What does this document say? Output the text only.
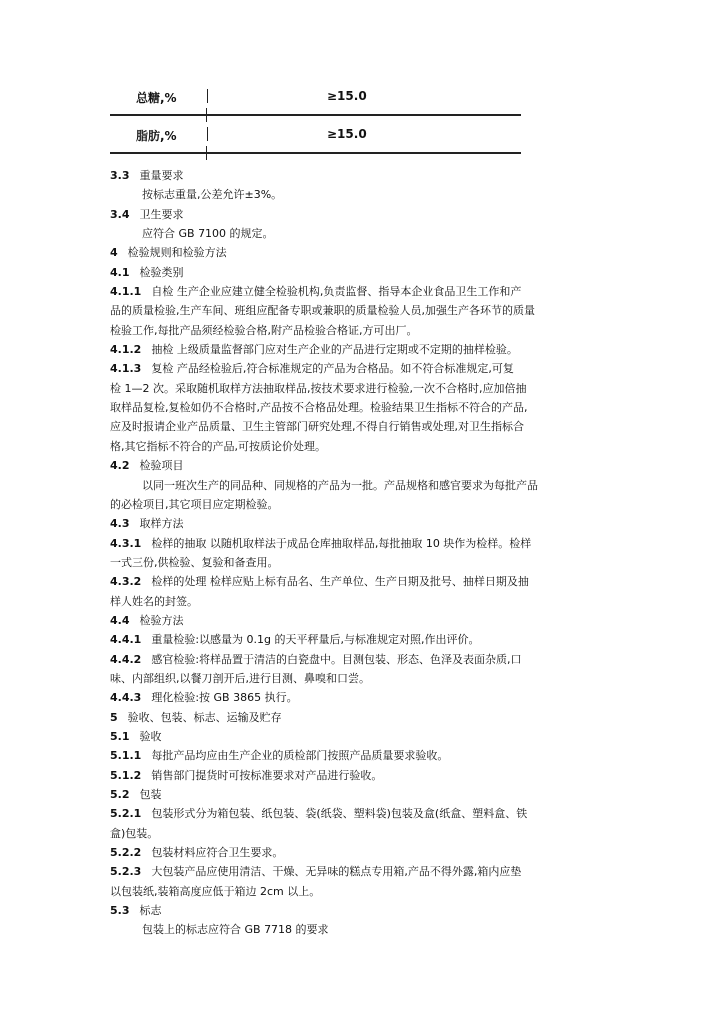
总糖,%	≥15.0
脂肪,%	≥15.0
3.3 重量要求
按标志重量,公差允许±3%。
3.4 卫生要求
应符合 GB 7100 的规定。
4 检验规则和检验方法
4.1 检验类别
4.1.1 自检 生产企业应建立健全检验机构,负责监督、指导本企业食品卫生工作和产
品的质量检验,生产车间、班组应配备专职或兼职的质量检验人员,加强生产各环节的质量
检验工作,每批产品须经检验合格,附产品检验合格证,方可出厂。
4.1.2 抽检 上级质量监督部门应对生产企业的产品进行定期或不定期的抽样检验。
4.1.3 复检 产品经检验后,符合标准规定的产品为合格品。如不符合标准规定,可复
检 1—2 次。采取随机取样方法抽取样品,按技术要求进行检验,一次不合格时,应加倍抽
取样品复检,复检如仍不合格时,产品按不合格品处理。检验结果卫生指标不符合的产品,
应及时报请企业产品质量、卫生主管部门研究处理,不得自行销售或处理,对卫生指标合
格,其它指标不符合的产品,可按质论价处理。
4.2 检验项目
以同一班次生产的同品种、同规格的产品为一批。产品规格和感官要求为每批产品
的必检项目,其它项目应定期检验。
4.3 取样方法
4.3.1 检样的抽取 以随机取样法于成品仓库抽取样品,每批抽取 10 块作为检样。检样
一式三份,供检验、复验和备查用。
4.3.2 检样的处理 检样应贴上标有品名、生产单位、生产日期及批号、抽样日期及抽
样人姓名的封签。
4.4 检验方法
4.4.1 重量检验:以感量为 0.1g 的天平秤量后,与标准规定对照,作出评价。
4.4.2 感官检验:将样品置于清洁的白瓷盘中。目测包装、形态、色泽及表面杂质,口
味、内部组织,以餐刀剖开后,进行目测、鼻嗅和口尝。
4.4.3 理化检验:按 GB 3865 执行。
5 验收、包装、标志、运输及贮存
5.1 验收
5.1.1 每批产品均应由生产企业的质检部门按照产品质量要求验收。
5.1.2 销售部门提货时可按标准要求对产品进行验收。
5.2 包装
5.2.1 包装形式分为箱包装、纸包装、袋(纸袋、塑料袋)包装及盒(纸盒、塑料盒、铁
盒)包装。
5.2.2 包装材料应符合卫生要求。
5.2.3 大包装产品应使用清洁、干燥、无异味的糕点专用箱,产品不得外露,箱内应垫
以包装纸,装箱高度应低于箱边 2cm 以上。
5.3 标志
包装上的标志应符合 GB 7718 的要求
